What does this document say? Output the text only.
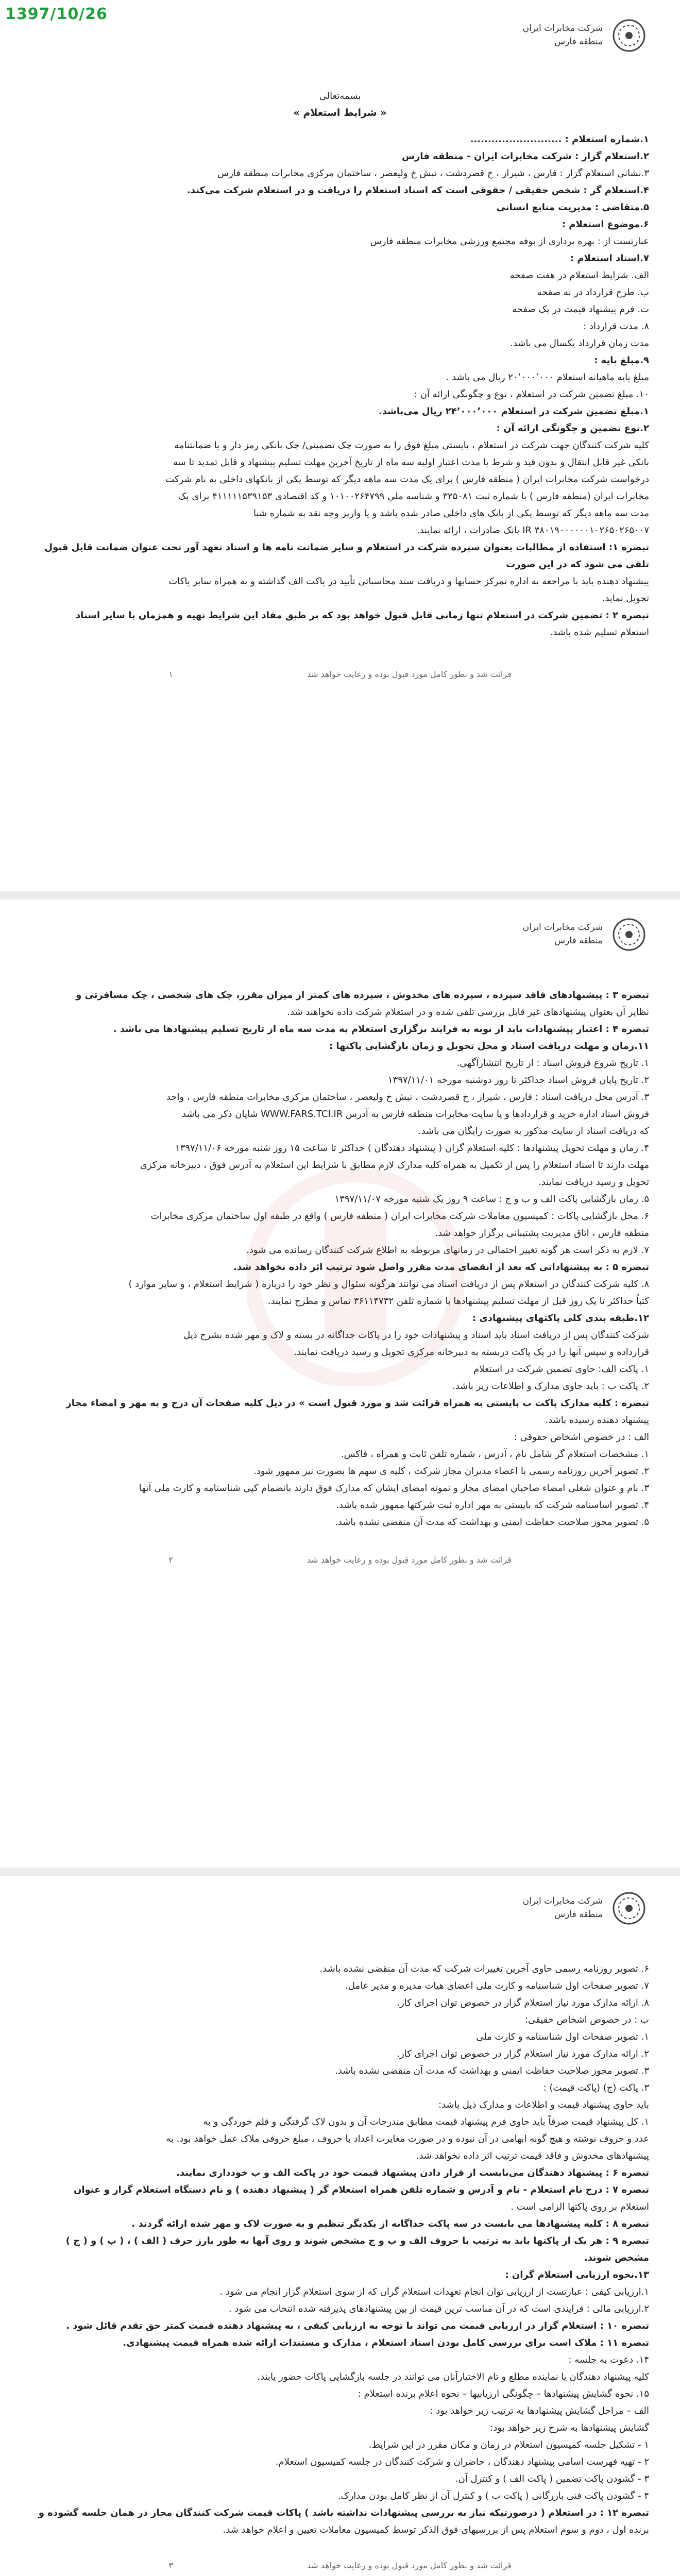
1397/10/26
شرکت مخابرات ایران
منطقه فارس
بسمه‌تعالی
« شرایط استعلام »

۱.شماره استعلام : ..........................

۲.استعلام گزار : شرکت مخابرات ایران - منطقه فارس

۳.نشانی استعلام گزار : فارس ، شیراز ، خ قصردشت ، نبش خ ولیعصر ، ساختمان مرکزی مخابرات منطقه فارس

۴.استعلام گر : شخص حقیقی / حقوقی است که اسناد استعلام را دریافت و در استعلام شرکت می‌کند.

۵.متقاضی : مدیریت منابع انسانی

۶.موضوع استعلام :

عبارتست از : بهره برداری از بوفه مجتمع ورزشی مخابرات منطقه فارس

۷.اسناد استعلام :

الف. شرایط استعلام در هفت صفحه

ب. طرح قرارداد در نه صفحه

ت. فرم پیشنهاد قیمت در یک صفحه

۸. مدت قرارداد :

مدت زمان قرارداد یکسال می باشد.

۹.مبلغ پایه :

مبلغ پایه ماهیانه استعلام ۲۰٬۰۰۰٬۰۰۰ ریال می باشد .

۱۰. مبلغ تضمین شرکت در استعلام ، نوع و چگونگی ارائه آن :

۱.مبلغ تضمین شرکت در استعلام ۲۴٬۰۰۰٬۰۰۰ ریال می‌باشد.

۲.نوع تضمین و چگونگی ارائه آن :

کلیه شرکت کنندگان جهت شرکت در استعلام ، بایستی مبلغ فوق را به صورت چک تضمینی/ چک بانکی رمز دار و یا ضمانتنامه

بانکی غیر قابل انتقال و بدون قید و شرط با مدت اعتبار اولیه سه ماه از تاریخ آخرین مهلت تسلیم پیشنهاد و قابل تمدید تا سه

درخواست شرکت مخابرات ایران ( منطقه فارس ) برای یک مدت سه ماهه دیگر که توسط یکی از بانکهای داخلی به نام شرکت

مخابرات ایران (منطقه فارس ) با شماره ثبت ۳۲۵۰۸۱ و شناسه ملی ۱۰۱۰۰۲۶۴۷۹۹ و کد اقتصادی ۴۱۱۱۱۱۵۳۹۱۵۳ برای یک

مدت سه ماهه دیگر که توسط یکی از بانک های داخلی صادر شده باشد و یا واریز وجه نقد به شماره شبا

IR ۳۸۰۱۹۰۰۰۰۰۰۱۰۲۶۵۰۲۶۵۰۰۷ بانک صادرات ، ارائه نمایند.

تبصره ۱: استفاده از مطالبات بعنوان سپرده شرکت در استعلام و سایر ضمانت نامه ها و اسناد تعهد آور تحت عنوان ضمانت قابل قبول تلقی می شود که در این صورت

پیشنهاد دهنده باید با مراجعه به اداره تمرکز حسابها و دریافت سند محاسباتی تأیید در پاکت الف گذاشته و به همراه سایر پاکات

تحویل نماید.

تبصره ۲ : تضمین شرکت در استعلام تنها زمانی قابل قبول خواهد بود که بر طبق مفاد این شرایط تهیه و همزمان با سایر اسناد

استعلام تسلیم شده باشد.

قرائت شد و بطور کامل مورد قبول بوده و رعایت خواهد شد
۱
شرکت مخابرات ایران
منطقه فارس

تبصره ۳ : پیشنهادهای فاقد سپرده ، سپرده های مخدوش ، سپرده های کمتر از میزان مقرر، چک های شخصی ، چک مسافرتی و

نظایر آن بعنوان پیشنهادهای غیر قابل بررسی تلقی شده و در استعلام شرکت داده نخواهند شد.

تبصره ۴ : اعتبار پیشنهادات باید از نوبه به فرایند برگزاری استعلام به مدت سه ماه از تاریخ تسلیم پیشنهادها می باشد .

۱۱.زمان و مهلت دریافت اسناد و محل تحویل و زمان بازگشایی پاکتها :

۱. تاریخ شروع فروش اسناد : از تاریخ انتشارآگهی.

۲. تاریخ پایان فروش اسناد حداکثر تا روز دوشنبه مورخه ۱۳۹۷/۱۱/۰۱

۳. آدرس محل دریافت اسناد : فارس ، شیراز ، خ قصردشت ، نبش خ ولیعصر ، ساختمان مرکزی مخابرات منطقه فارس ، واحد

فروش اسناد اداره خرید و قراردادها و یا سایت مخابرات منطقه فارس به آدرس WWW.FARS.TCI.IR شایان ذکر می باشد

که دریافت اسناد از سایت مذکور به صورت رایگان می باشد.

۴. زمان و مهلت تحویل پیشنهادها : کلیه استعلام گران ( پیشنهاد دهندگان ) حداکثر تا ساعت ۱۵ روز شنبه مورخه ۱۳۹۷/۱۱/۰۶

مهلت دارند تا اسناد استعلام را پس از تکمیل به همراه کلیه مدارک لازم مطابق با شرایط این استعلام به آدرس فوق ، دبیرخانه مرکزی

تحویل و رسید دریافت نمایند.

۵. زمان بازگشایی پاکت الف و ب و ج : ساعت ۹ روز یک شنبه مورخه ۱۳۹۷/۱۱/۰۷

۶. محل بازگشایی پاکات : کمیسیون معاملات شرکت مخابرات ایران ( منطقه فارس ) واقع در طبقه اول ساختمان مرکزی مخابرات

منطقه فارس ، اتاق مدیریت پشتیبانی برگزار خواهد شد.

۷. لازم به ذکر است هر گونه تغییر احتمالی در زمانهای مربوطه به اطلاع شرکت کنندگان رسانده می شود.

تبصره ۵ : به پیشنهاداتی که بعد از انقضای مدت مقرر واصل شود ترتیب اثر داده نخواهد شد.

۸. کلیه شرکت کنندگان در استعلام پس از دریافت اسناد می توانند هرگونه سئوال و نظر خود را درباره ( شرایط استعلام ، و سایر موارد )

کتباً حداکثر تا یک روز قبل از مهلت تسلیم پیشنهادها با شماره تلفن ۳۶۱۱۴۷۳۲ تماس و مطرح نمایند.

۱۲.طبقه بندی کلی پاکتهای پیشنهادی :

شرکت کنندگان پس از دریافت اسناد باید اسناد و پیشنهادات خود را در پاکات جداگانه در بسته و لاک و مهر شده بشرح ذیل

قرارداده و سپس آنها را در یک پاکت دربسته به دبیرخانه مرکزی تحویل و رسید دریافت نمایند.

۱. پاکت الف: حاوی تضمین شرکت در استعلام

۲. پاکت ب : باید حاوی مدارک و اطلاعات زیر باشد.

تبصره : کلیه مدارک پاکت ب بایستی به همراه قرائت شد و مورد قبول است » در ذیل کلیه صفحات آن درج و به مهر و امضاء مجاز

پیشنهاد دهنده رسیده باشد.

الف : در خصوص اشخاص حقوقی :

۱. مشخصات استعلام گر شامل نام ، آدرس ، شماره تلفن ثابت و همراه ، فاکس.

۲. تصویر آخرین روزنامه رسمی با اعضاء مدیران مجاز شرکت ، کلیه ی سهم ها بصورت نیز ممهور شود.

۳. نام و عنوان شغلی امضاء صاحبان امضای مجاز و نمونه امضای ایشان که مدارک فوق دارند بانضمام کپی شناسنامه و کارت ملی آنها

۴. تصویر اساسنامه شرکت که بایستی به مهر اداره ثبت شرکتها ممهور شده باشد.

۵. تصویر مجوز صلاحیت حفاظت ایمنی و بهداشت که مدت آن منقضی نشده باشد.

قرائت شد و بطور کامل مورد قبول بوده و رعایت خواهد شد
۲
شرکت مخابرات ایران
منطقه فارس

۶. تصویر روزنامه رسمی حاوی آخرین تغییرات شرکت که مدت آن منقضی نشده باشد.

۷. تصویر صفحات اول شناسنامه و کارت ملی اعضای هیات مدیره و مدیر عامل.

۸. ارائه مدارک مورد نیاز استعلام گزار در خصوص توان اجرای کار.

ب : در خصوص اشخاص حقیقی:

۱. تصویر صفحات اول شناسنامه و کارت ملی

۲. ارائه مدارک مورد نیاز استعلام گزار در خصوص توان اجرای کار.

۳. تصویر مجوز صلاحیت حفاظت ایمنی و بهداشت که مدت آن منقضی نشده باشد.

۳. پاکت (ج) (پاکت قیمت) :

باید حاوی پیشنهاد قیمت و اطلاعات و مدارک ذیل باشد:

۱. کل پیشنهاد قیمت صرفاً باید حاوی فرم پیشنهاد قیمت مطابق مندرجات آن و بدون لاک گرفتگی و قلم خوردگی و به

عدد و حروف نوشته و هیچ گونه ابهامی در آن نبوده و در صورت مغایرت اعداد با حروف ، مبلغ حروفی ملاک عمل خواهد بود. به

پیشنهادهای مخدوش و فاقد قیمت ترتیب اثر داده نخواهد شد.

تبصره ۶ : پیشنهاد دهندگان می‌بایست از قرار دادن پیشنهاد قیمت خود در پاکت الف و ب خودداری نمایند.

تبصره ۷ : درج نام استعلام - نام و آدرس و شماره تلفن همراه استعلام گر ( پیشنهاد دهنده ) و نام دستگاه استعلام گزار و عنوان

استعلام بر روی پاکتها الزامی است .

تبصره ۸ : کلیه پیشنهادها می بایست در سه پاکت جداگانه از یکدیگر تنظیم و به صورت لاک و مهر شده ارائه گردند .

تبصره ۹ : هر یک از پاکتها باید به ترتیب با حروف الف و ب و ج مشخص شوند و روی آنها به طور بارز حرف ( الف ) ، ( ب ) و ( ج ) مشخص شوند.

۱۳.نحوه ارزیابی استعلام گران :

۱.ارزیابی کیفی : عبارتست از ارزیابی توان انجام تعهدات استعلام گران که از سوی استعلام گزار انجام می شود .

۲.ارزیابی مالی : فرایندی است که در آن مناسب ترین قیمت از بین پیشنهادهای پذیرفته شده انتخاب می شود .

تبصره ۱۰ : استعلام گزار در ارزیابی قیمت می تواند با توجه به ارزیابی کیفی ، به پیشنهاد دهنده قیمت کمتر حق تقدم قائل شود .

تبصره ۱۱ : ملاک است برای بررسی کامل بودن اسناد استعلام ، مدارک و مستندات ارائه شده همراه قیمت پیشنهادی.

۱۴. دعوت به جلسه :

کلیه پیشنهاد دهندگان یا نماینده مطلع و تام الاختیارآنان می توانند در جلسه بازگشایی پاکات حضور یابند.

۱۵. نحوه گشایش پیشنهادها – چگونگی ارزیابیها – نحوه اعلام برنده استعلام :

الف – مراحل گشایش پیشنهادها به ترتیب زیر خواهد بود :

گشایش پیشنهادها به شرح زیر خواهد بود:

۱ - تشکیل جلسه کمیسیون استعلام در زمان و مکان مقرر در این شرایط.

۲ - تهیه فهرست اسامی پیشنهاد دهندگان ، حاضران و شرکت کنندگان در جلسه کمیسیون استعلام.

۳ - گشودن پاکت تضمین ( پاکت الف ) و کنترل آن.

۴ - گشودن پاکت فنی بازرگانی ( پاکت ب ) و کنترل آن از نظر کامل بودن مدارک.

تبصره ۱۲ : در استعلام ( درصورتیکه نیاز به بررسی پیشنهادات نداشته باشد ) پاکات قیمت شرکت کنندگان مجاز در همان جلسه گشوده و

برنده اول ، دوم و سوم استعلام پس از بررسیهای فوق الذکر توسط کمیسیون معاملات تعیین و اعلام خواهد شد.

قرائت شد و بطور کامل مورد قبول بوده و رعایت خواهد شد
۳
